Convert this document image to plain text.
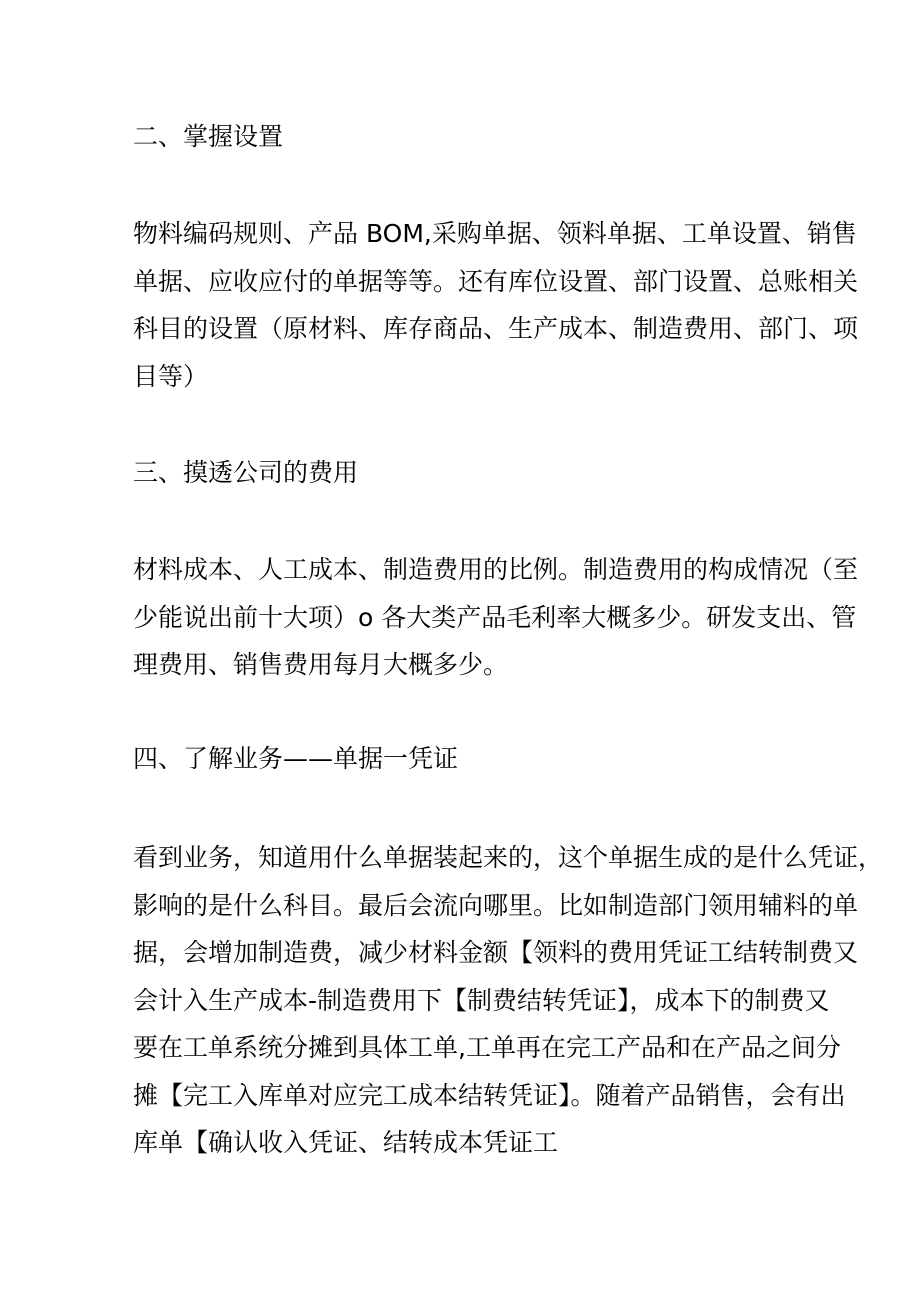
二、掌握设置

物料编码规则、产品 BOM,采购单据、领料单据、工单设置、销售
单据、应收应付的单据等等。还有库位设置、部门设置、总账相关
科目的设置（原材料、库存商品、生产成本、制造费用、部门、项
目等）

三、摸透公司的费用

材料成本、人工成本、制造费用的比例。制造费用的构成情况（至
少能说出前十大项）o 各大类产品毛利率大概多少。研发支出、管
理费用、销售费用每月大概多少。

四、了解业务——单据一凭证

看到业务，知道用什么单据装起来的，这个单据生成的是什么凭证，
影响的是什么科目。最后会流向哪里。比如制造部门领用辅料的单
据，会增加制造费，减少材料金额【领料的费用凭证工结转制费又
会计入生产成本-制造费用下【制费结转凭证】，成本下的制费又
要在工单系统分摊到具体工单,工单再在完工产品和在产品之间分
摊【完工入库单对应完工成本结转凭证】。随着产品销售，会有出
库单【确认收入凭证、结转成本凭证工
